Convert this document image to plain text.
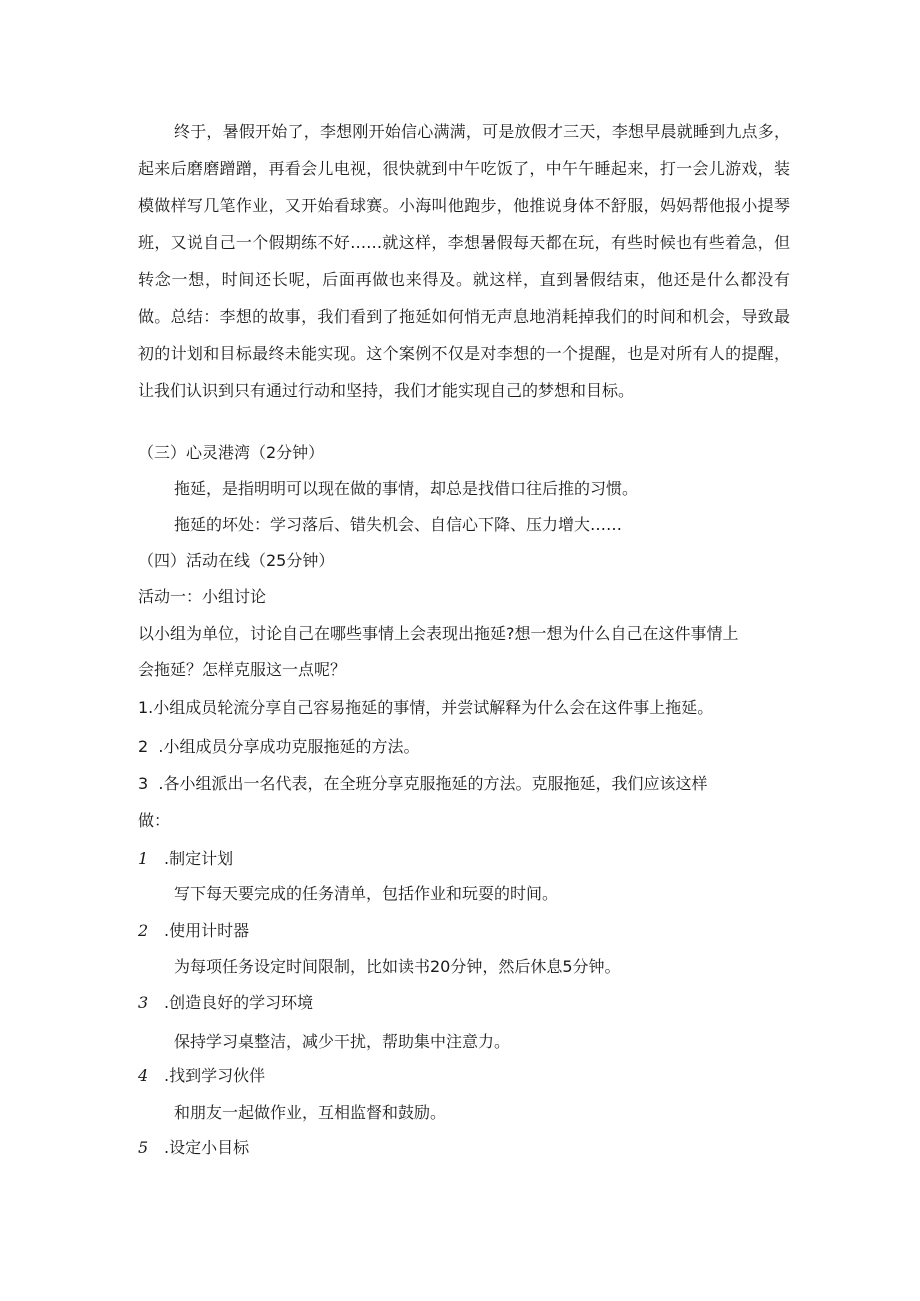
终于，暑假开始了，李想刚开始信心满满，可是放假才三天，李想早晨就睡到九点多，起来后磨磨蹭蹭，再看会儿电视，很快就到中午吃饭了，中午午睡起来，打一会儿游戏，装模做样写几笔作业，又开始看球赛。小海叫他跑步，他推说身体不舒服，妈妈帮他报小提琴班，又说自己一个假期练不好……就这样，李想暑假每天都在玩，有些时候也有些着急，但转念一想，时间还长呢，后面再做也来得及。就这样，直到暑假结束，他还是什么都没有做。总结：李想的故事，我们看到了拖延如何悄无声息地消耗掉我们的时间和机会，导致最初的计划和目标最终未能实现。这个案例不仅是对李想的一个提醒，也是对所有人的提醒，让我们认识到只有通过行动和坚持，我们才能实现自己的梦想和目标。

（三）心灵港湾（2分钟）
拖延，是指明明可以现在做的事情，却总是找借口往后推的习惯。
拖延的坏处：学习落后、错失机会、自信心下降、压力增大……
（四）活动在线（25分钟）
活动一：小组讨论
以小组为单位，讨论自己在哪些事情上会表现出拖延?想一想为什么自己在这件事情上
会拖延？怎样克服这一点呢？
1.小组成员轮流分享自己容易拖延的事情，并尝试解释为什么会在这件事上拖延。
2  .小组成员分享成功克服拖延的方法。
3  .各小组派出一名代表，在全班分享克服拖延的方法。克服拖延，我们应该这样
做：
1 .制定计划
写下每天要完成的任务清单，包括作业和玩耍的时间。
2 .使用计时器
为每项任务设定时间限制，比如读书20分钟，然后休息5分钟。
3 .创造良好的学习环境
保持学习桌整洁，减少干扰，帮助集中注意力。
4 .找到学习伙伴
和朋友一起做作业，互相监督和鼓励。
5 .设定小目标
